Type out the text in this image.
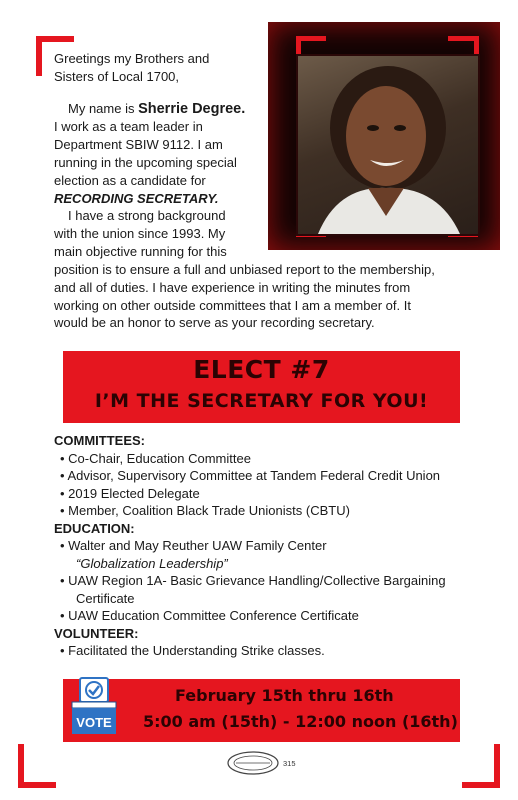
Greetings my Brothers and

Sisters of Local 1700,

My name is Sherrie Degree.

I work as a team leader in

Department SBIW 9112. I am

running in the upcoming special

election as a candidate for

RECORDING SECRETARY.

I have a strong background

with the union since 1993. My

main objective running for this

position is to ensure a full and unbiased report to the membership,
and all of duties. I have experience in writing the minutes from
working on other outside committees that I am a member of. It
would be an honor to serve as your recording secretary.
ELECT #7
I’M THE SECRETARY FOR YOU!
COMMITTEES:
• Co-Chair, Education Committee
• Advisor, Supervisory Committee at Tandem Federal Credit Union
• 2019 Elected Delegate
• Member, Coalition Black Trade Unionists (CBTU)
EDUCATION:
• Walter and May Reuther UAW Family Center
“Globalization Leadership”
• UAW Region 1A- Basic Grievance Handling/Collective Bargaining
Certificate
• UAW Education Committee Conference Certificate
VOLUNTEER:
• Facilitated the Understanding Strike classes.
February 15th thru 16th
5:00 am (15th) - 12:00 noon (16th)
VOTE
315
